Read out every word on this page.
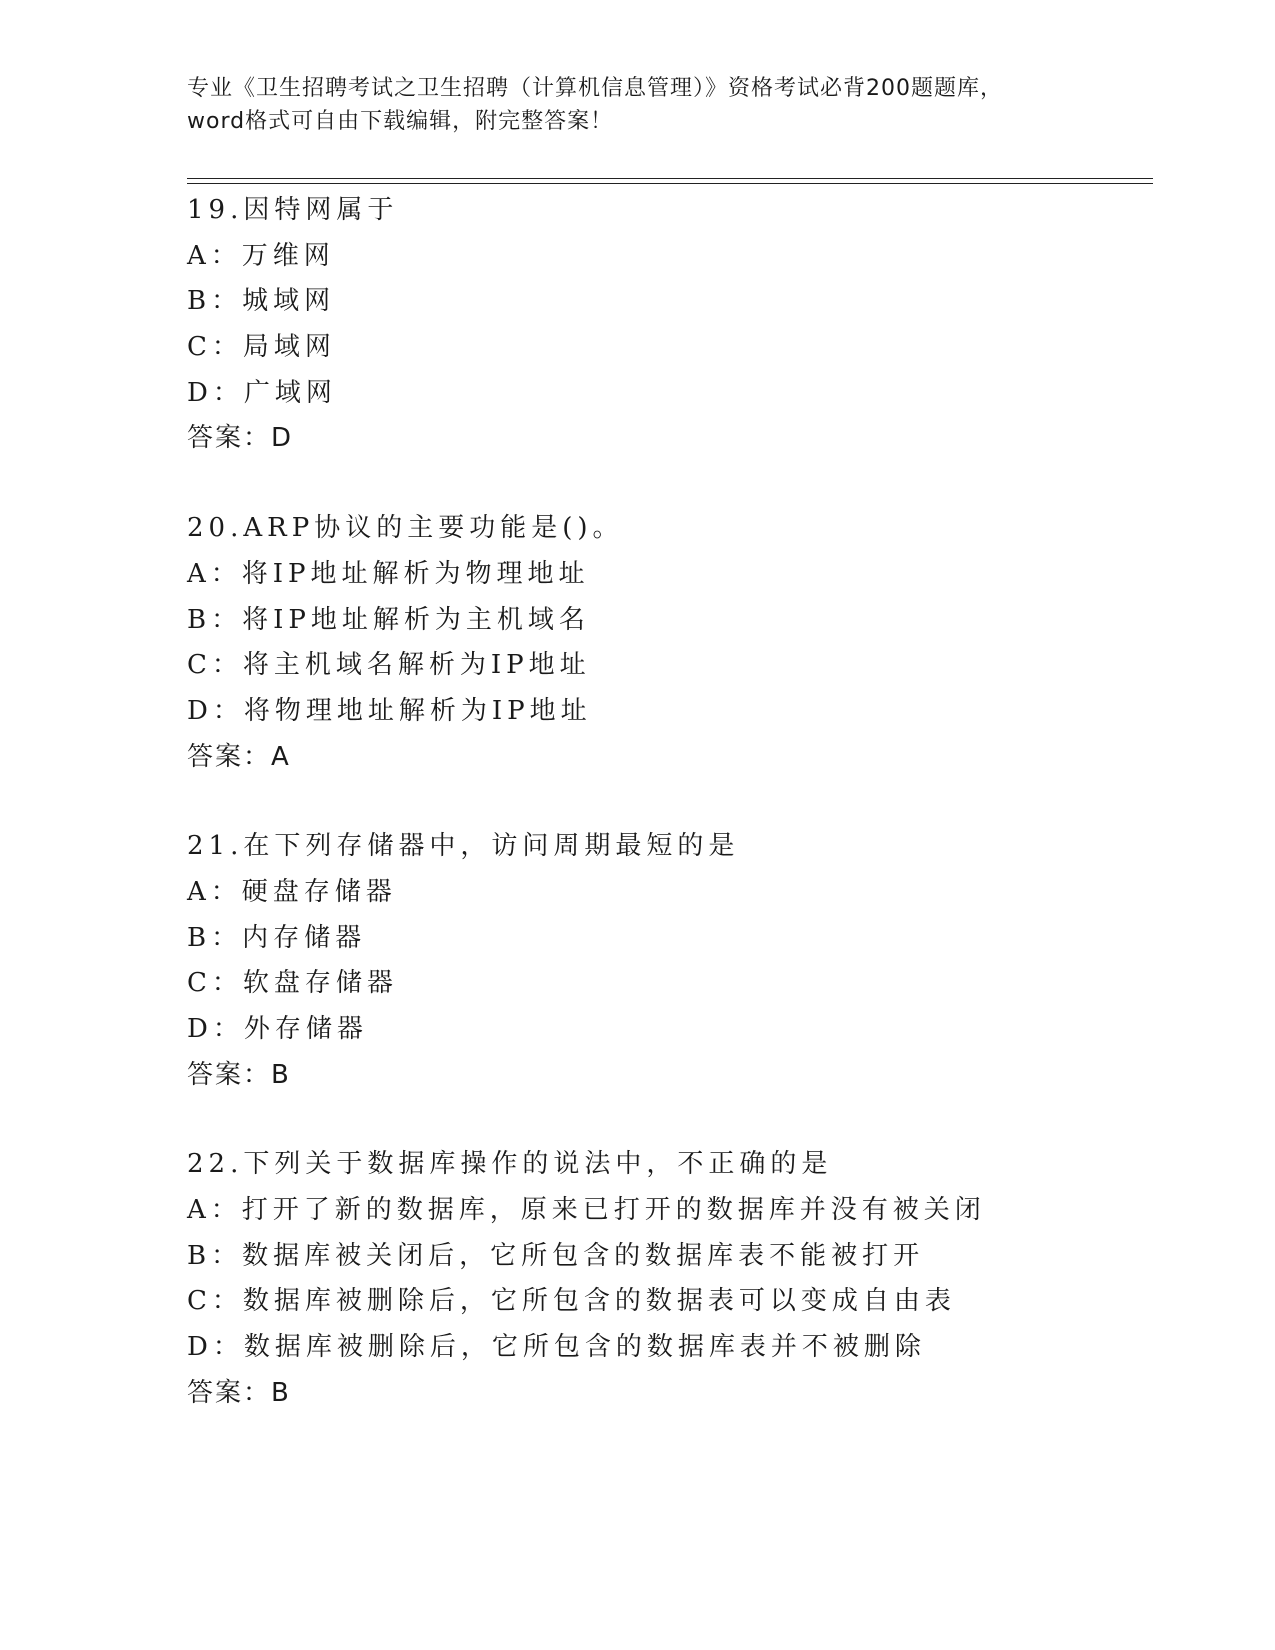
专业《卫生招聘考试之卫生招聘（计算机信息管理）》资格考试必背200题题库，
word格式可自由下载编辑，附完整答案！
19.因特网属于
A：万维网
B：城域网
C：局域网
D：广域网
答案：D
20.ARP协议的主要功能是()。
A：将IP地址解析为物理地址
B：将IP地址解析为主机域名
C：将主机域名解析为IP地址
D：将物理地址解析为IP地址
答案：A
21.在下列存储器中，访问周期最短的是
A：硬盘存储器
B：内存储器
C：软盘存储器
D：外存储器
答案：B
22.下列关于数据库操作的说法中，不正确的是
A：打开了新的数据库，原来已打开的数据库并没有被关闭
B：数据库被关闭后，它所包含的数据库表不能被打开
C：数据库被删除后，它所包含的数据表可以变成自由表
D：数据库被删除后，它所包含的数据库表并不被删除
答案：B
